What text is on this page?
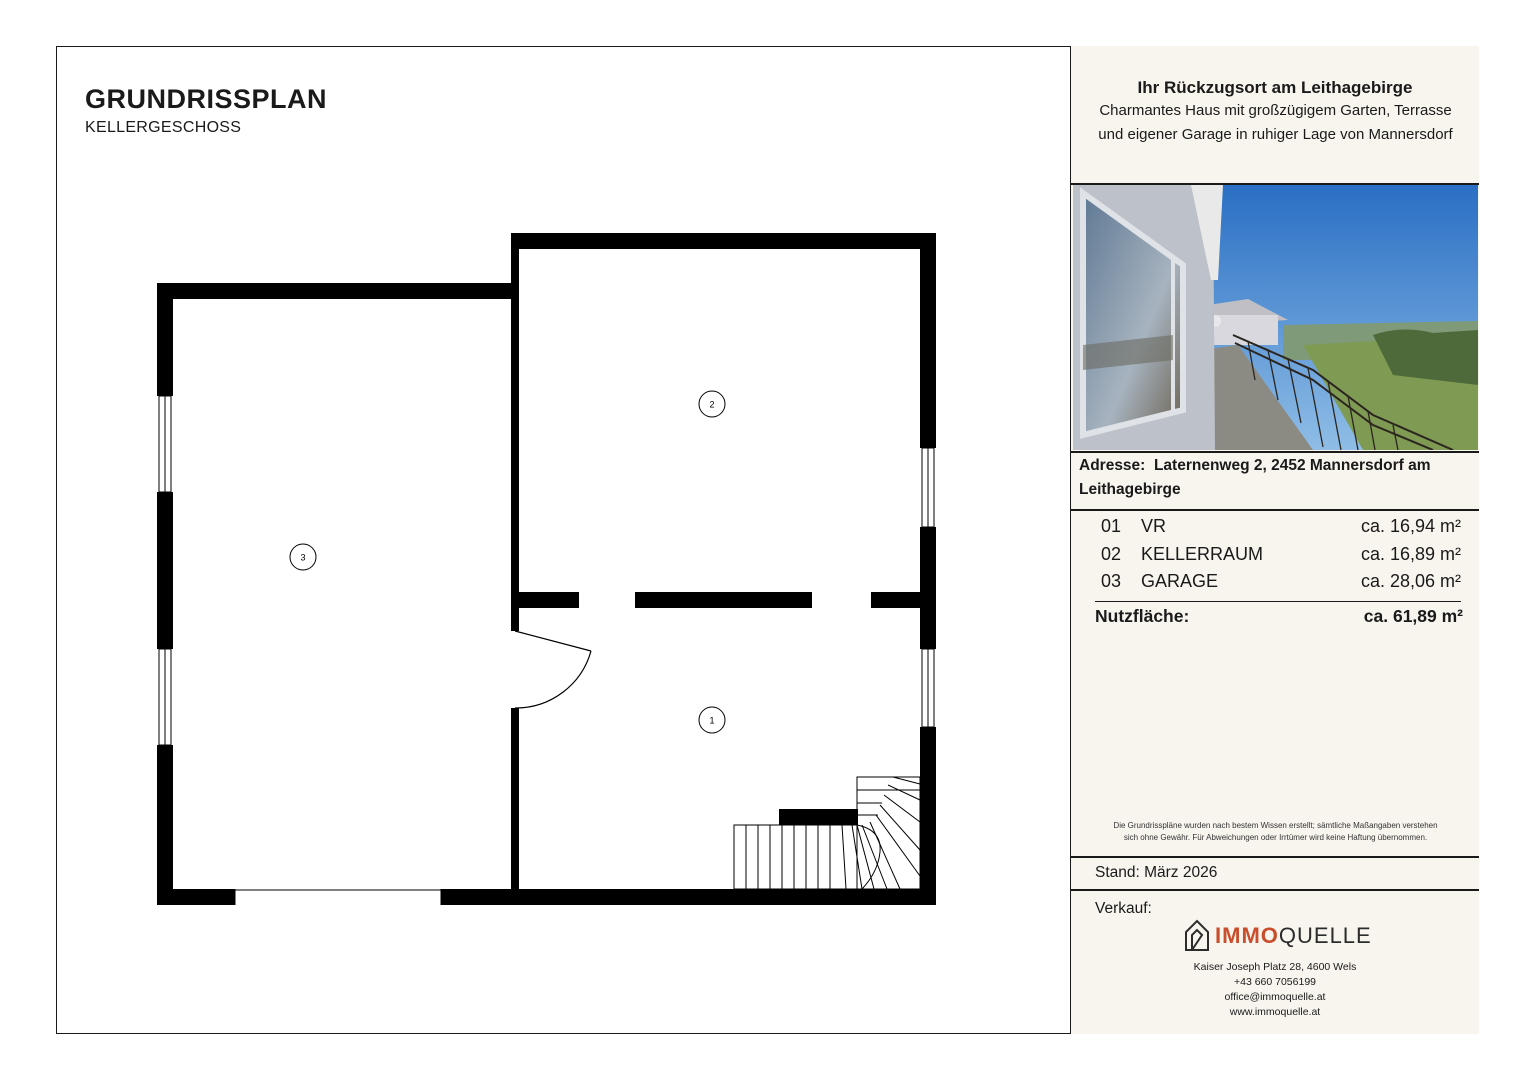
GRUNDRISSPLAN
KELLERGESCHOSS
2
3
1
Ihr Rückzugsort am Leithagebirge
Charmantes Haus mit großzügigem Garten, Terrasse und eigener Garage in ruhiger Lage von Mannersdorf
Adresse: Laternenweg 2, 2452 Mannersdorf am Leithagebirge
01 VR	ca. 16,94 m²
02 KELLERRAUM	ca. 16,89 m²
03 GARAGE	ca. 28,06 m²
Nutzfläche:	ca. 61,89 m²
Die Grundrisspläne wurden nach bestem Wissen erstellt; sämtliche Maßangaben verstehen
sich ohne Gewähr. Für Abweichungen oder Irrtümer wird keine Haftung übernommen.
Stand: März 2026
Verkauf:
IMMOQUELLE
Kaiser Joseph Platz 28, 4600 Wels
+43 660 7056199
office@immoquelle.at
www.immoquelle.at
